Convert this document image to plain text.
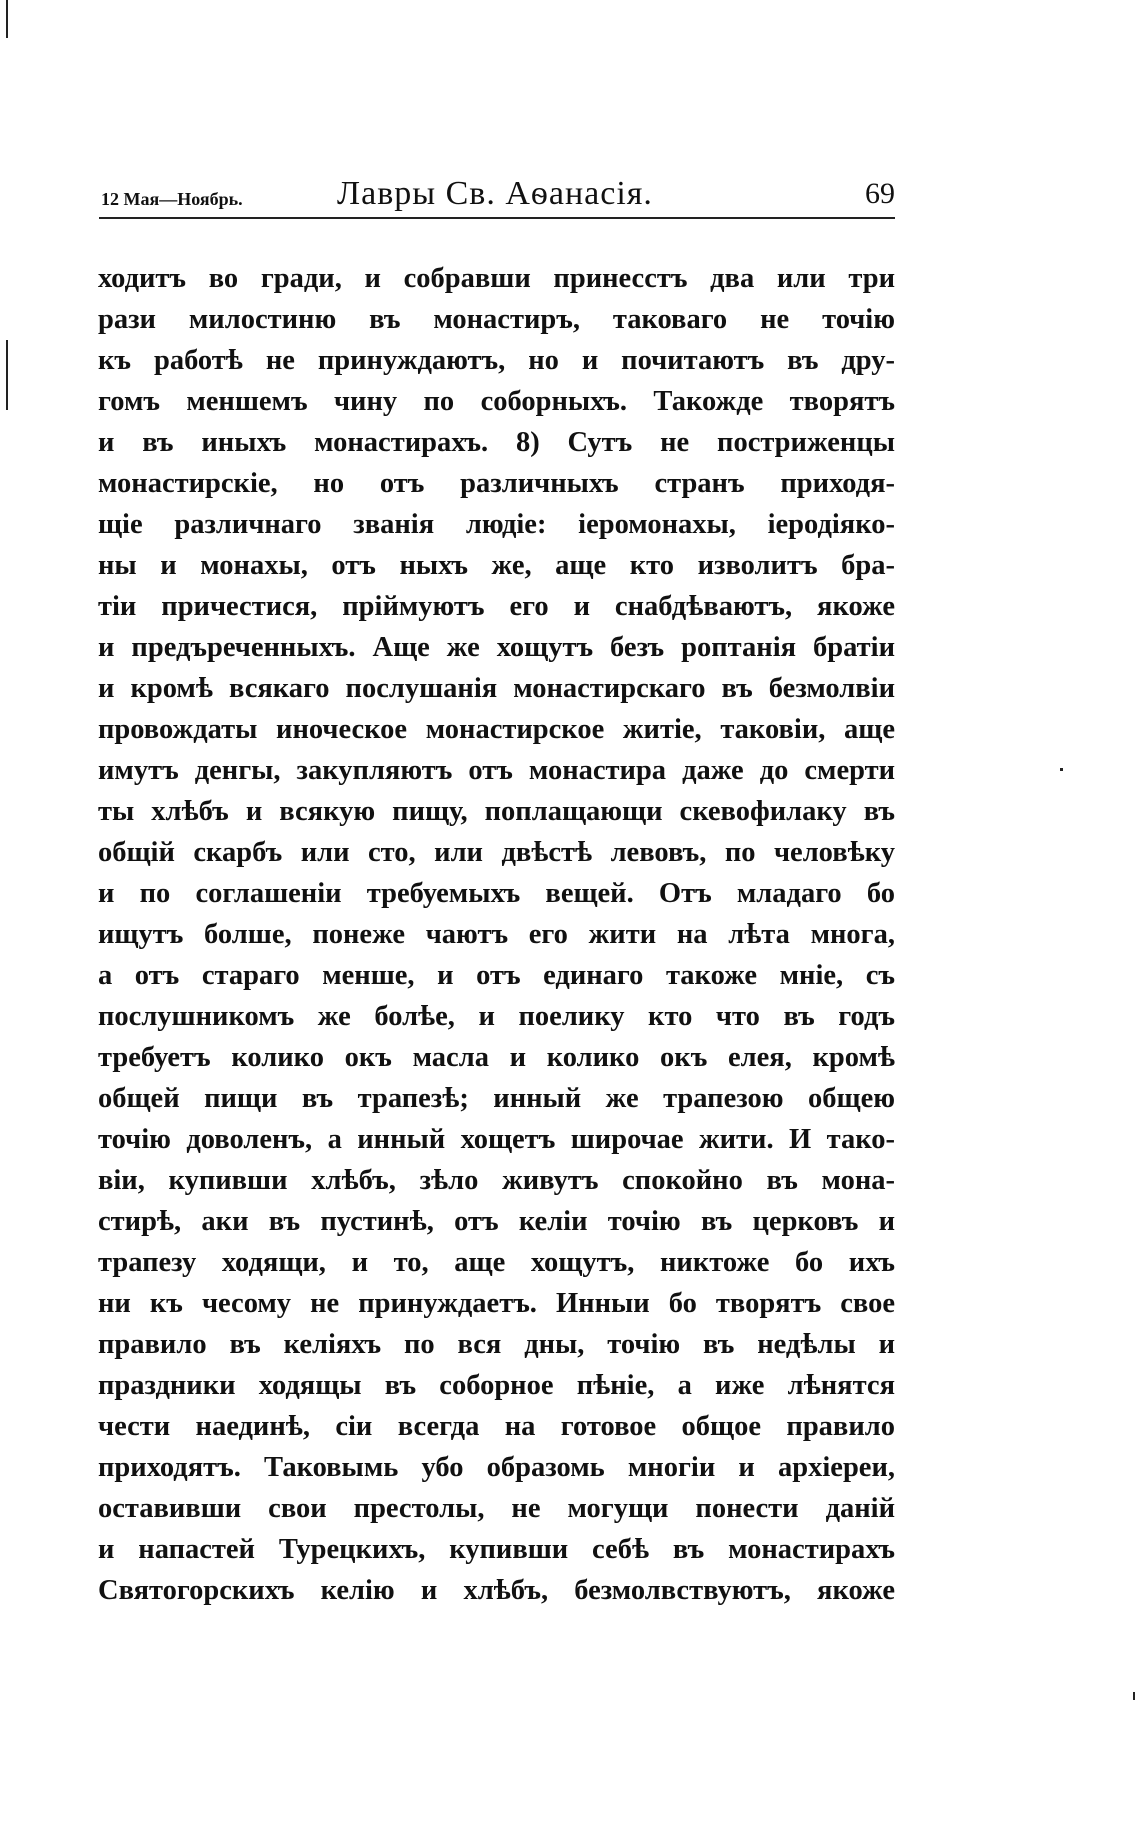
12 Мая—Ноябрь.	Лавры Св. Аѳанасія.	69
ходитъ во гради, и собравши принесстъ два или три
рази милостиню въ монастиръ, таковаго не точію
къ работѣ не принуждаютъ, но и почитаютъ въ дру-
гомъ меншемъ чину по соборныхъ. Такожде творятъ
и въ иныхъ монастирахъ. 8) Сутъ не постриженцы
монастирскіе, но отъ различныхъ странъ приходя-
щіе различнаго званія людіе: іеромонахы, іеродіяко-
ны и монахы, отъ ныхъ же, аще кто изволитъ бра-
тіи причестися, пріймуютъ его и снабдѣваютъ, якоже
и предъреченныхъ. Аще же хощутъ безъ роптанія братіи
и кромѣ всякаго послушанія монастирскаго въ безмолвіи
провождаты иноческое монастирское житіе, таковіи, аще
имутъ денгы, закупляютъ отъ монастира даже до смерти
ты хлѣбъ и всякую пищу, поплащающи скевофилаку въ
общій скарбъ или сто, или двѣстѣ левовъ, по человѣку
и по соглашеніи требуемыхъ вещей. Отъ младаго бо
ищутъ болше, понеже чаютъ его жити на лѣта многа,
а отъ стараго менше, и отъ единаго такоже мніе, съ
послушникомъ же болѣе, и поелику кто что въ годъ
требуетъ колико окъ масла и колико окъ елея, кромѣ
общей пищи въ трапезѣ; инный же трапезою общею
точію доволенъ, а инный хощетъ широчае жити. И тако-
віи, купивши хлѣбъ, зѣло живутъ спокойно въ мона-
стирѣ, аки въ пустинѣ, отъ келіи точію въ церковъ и
трапезу ходящи, и то, аще хощутъ, никтоже бо ихъ
ни къ чесому не принуждаетъ. Инныи бо творятъ свое
правило въ келіяхъ по вся дны, точію въ недѣлы и
праздники ходящы въ соборное пѣніе, а иже лѣнятся
чести наединѣ, сіи всегда на готовое общое правило
приходятъ. Таковымь убо образомь многіи и архіереи,
оставивши свои престолы, не могущи понести даній
и напастей Турецкихъ, купивши себѣ въ монастирахъ
Святогорскихъ келію и хлѣбъ, безмолвствуютъ, якоже
